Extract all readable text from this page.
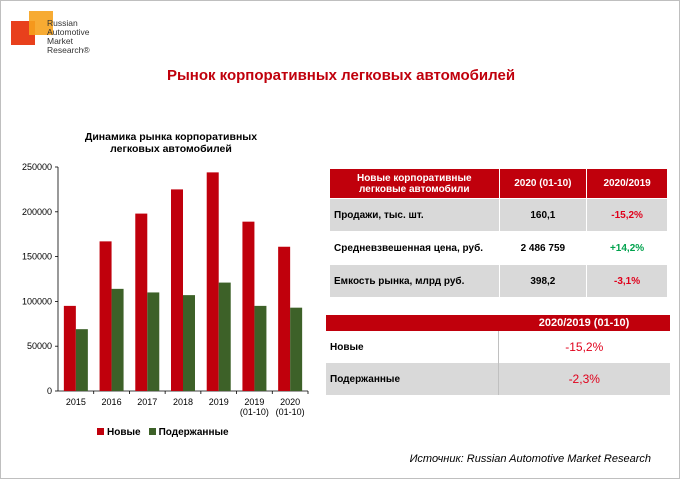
НАПИ
Russian
Automotive
Market
Research®
Рынок корпоративных легковых автомобилей
Динамика рынка корпоративных
легковых автомобилей
0
50000
100000
150000
200000
250000
2015 2016 2017 2018 2019	2019 (01-10)
2020 (01-10)
Новые	Подержанные
Новые корпоративные легковые автомобили	2020 (01-10)	2020/2019
Продажи, тыс. шт.	160,1	-15,2%
Средневзвешенная цена, руб.	2 486 759	+14,2%
Емкость рынка, млрд руб.	398,2	-3,1%
	2020/2019 (01-10)
Новые	-15,2%
Подержанные	-2,3%
Источник: Russian Automotive Market Research
